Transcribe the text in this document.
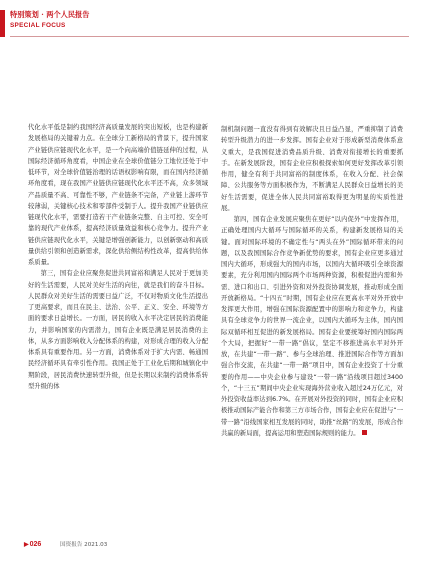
特别策划 · 两个人民报告
SPECIAL FOCUS

代化水平低是制约我国经济高质量发展的突出短板，也是构建新发展格局的关键着力点。在全球分工新格局的背景下，提升国家产业链供应链现代化水平，是一个向高端价值链延伸的过程，从国际经济循环角度看，中国企业在全球价值链分工地位还处于中低环节，对全球价值链治理的话语权影响有限，而在国内经济循环角度看，现在我国产业链供应链现代化水平还不高，众多领域产品质量不高、可靠性不够，产业链条不完备，产业链上游环节较薄弱，关键核心技术和零部件受制于人。提升我国产业链供应链现代化水平，需要打造若干产业链条完整、自主可控、安全可靠的现代产业体系，提高经济质量效益和核心竞争力。提升产业链供应链现代化水平，关键是增强创新能力，以创新驱动和高质量供给引领和创造新需求，深化供给侧结构性改革，提高供给体系质量。

第三，国有企业应聚焦促进共同富裕和满足人民对于更加美好的生活需要，人民对美好生活的向往，就是我们的奋斗目标。人民群众对美好生活的需要日益广泛，不仅对物质文化生活提出了更高要求，而且在民主、法治、公平、正义、安全、环境等方面的要求日益增长。一方面，居民的收入水平决定居民的消费能力，并影响国家的内需潜力，国有企业既是满足居民消费的主体，从多方面影响收入分配体系的构建，对形成合理的收入分配体系具有重要作用。另一方面，消费体系对于扩大内需、畅通国民经济循环具有牵引性作用。我国正处于工业化后期和城镇化中期阶段，居民消费快速转型升级，但是长期以来制约消费体系转型升级的体

制机制问题一直没有得到有效解决且日益凸显，严重抑制了消费转型升级潜力的进一步发挥。国有企业对于形成新型消费体系意义重大，是我国促进消费品质升级、消费对衔接增长的重要抓手。在新发展阶段，国有企业应积极探索如何更好发挥改革引领作用，健全有利于共同富裕的制度体系，在收入分配、社会保障、公共服务等方面积极作为，不断满足人民群众日益增长的美好生活需要，促进全体人民共同富裕取得更为明显的实质性进展。

第四，国有企业发展应聚焦在更好“以内促外”中发挥作用，正确处理国内大循环与国际循环的关系，构建新发展格局的关键。面对国际环境的不确定性与“两头在外”国际循环带来的问题，以及我国国际合作竞争新优势的要求，国有企业应更多通过国内大循环，形成强大的国内市场，以国内大循环吸引全球资源要素，充分利用国内国际两个市场两种资源，积极促进内需和外需、进口和出口、引进外资和对外投资协调发展，推动形成全面开放新格局。“十四五”时期，国有企业应在更高水平对外开放中发挥更大作用，增强在国际资源配置中的影响力和竞争力，构建具有全球竞争力的世界一流企业，以国内大循环为主体，国内国际双循环相互促进的新发展格局。国有企业要统筹好国内国际两个大局，把握好“一带一路”倡议，坚定不移推进高水平对外开放，在共建“一带一路”、参与全球治理、推进国际合作等方面加强合作交流，在共建“一带一路”项目中，国有企业投资了十分重要的作用——中央企业参与建设“一带一路”沿线项目超过3400个，“十三五”期间中央企业实现海外营业收入超过24万亿元，对外投资收益率达到6.7%。在开展对外投资的同时，国有企业应积极推动国际产能合作和第三方市场合作，国有企业应在促进与“一带一路”沿线国家相互发展的同时，助推“丝路”的发展，形成合作共赢的新局面，提高运用和塑造国际规则的能力。

▶026	国资报告 2021.03
